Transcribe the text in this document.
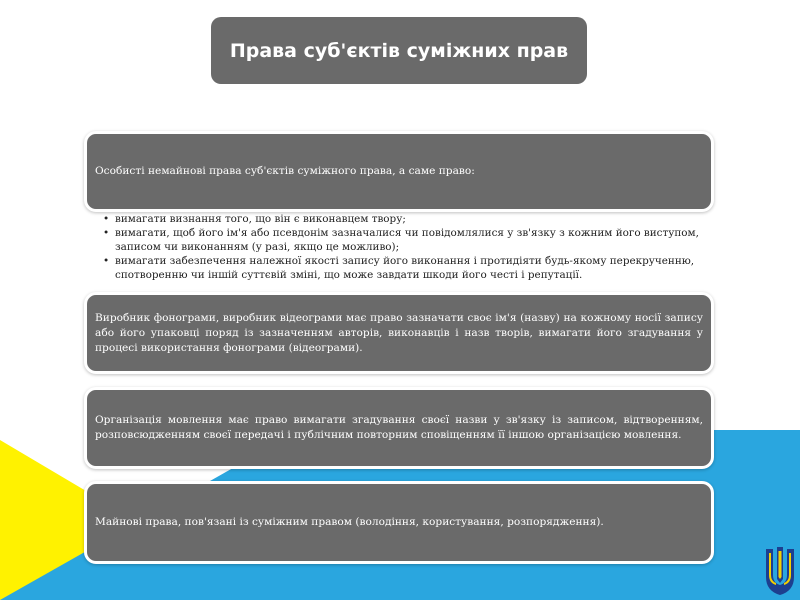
Права суб'єктів суміжних прав

Особисті немайнові права суб'єктів суміжного права, а саме право:

• вимагати визнання того, що він є виконавцем твору;
• вимагати, щоб його ім'я або псевдонім зазначалися чи повідомлялися у зв'язку з кожним його виступом, записом чи виконанням (у разі, якщо це можливо);
• вимагати забезпечення належної якості запису його виконання і протидіяти будь-якому перекрученню, спотворенню чи іншій суттєвій зміні, що може завдати шкоди його честі і репутації.

Виробник фонограми, виробник відеограми має право зазначати своє ім'я (назву) на кожному носії запису або його упаковці поряд із зазначенням авторів, виконавців і назв творів, вимагати його згадування у процесі використання фонограми (відеограми).

Організація мовлення має право вимагати згадування своєї назви у зв'язку із записом, відтворенням, розповсюдженням своєї передачі і публічним повторним сповіщенням її іншою організацією мовлення.

Майнові права, пов'язані із суміжним правом (володіння, користування, розпорядження).
